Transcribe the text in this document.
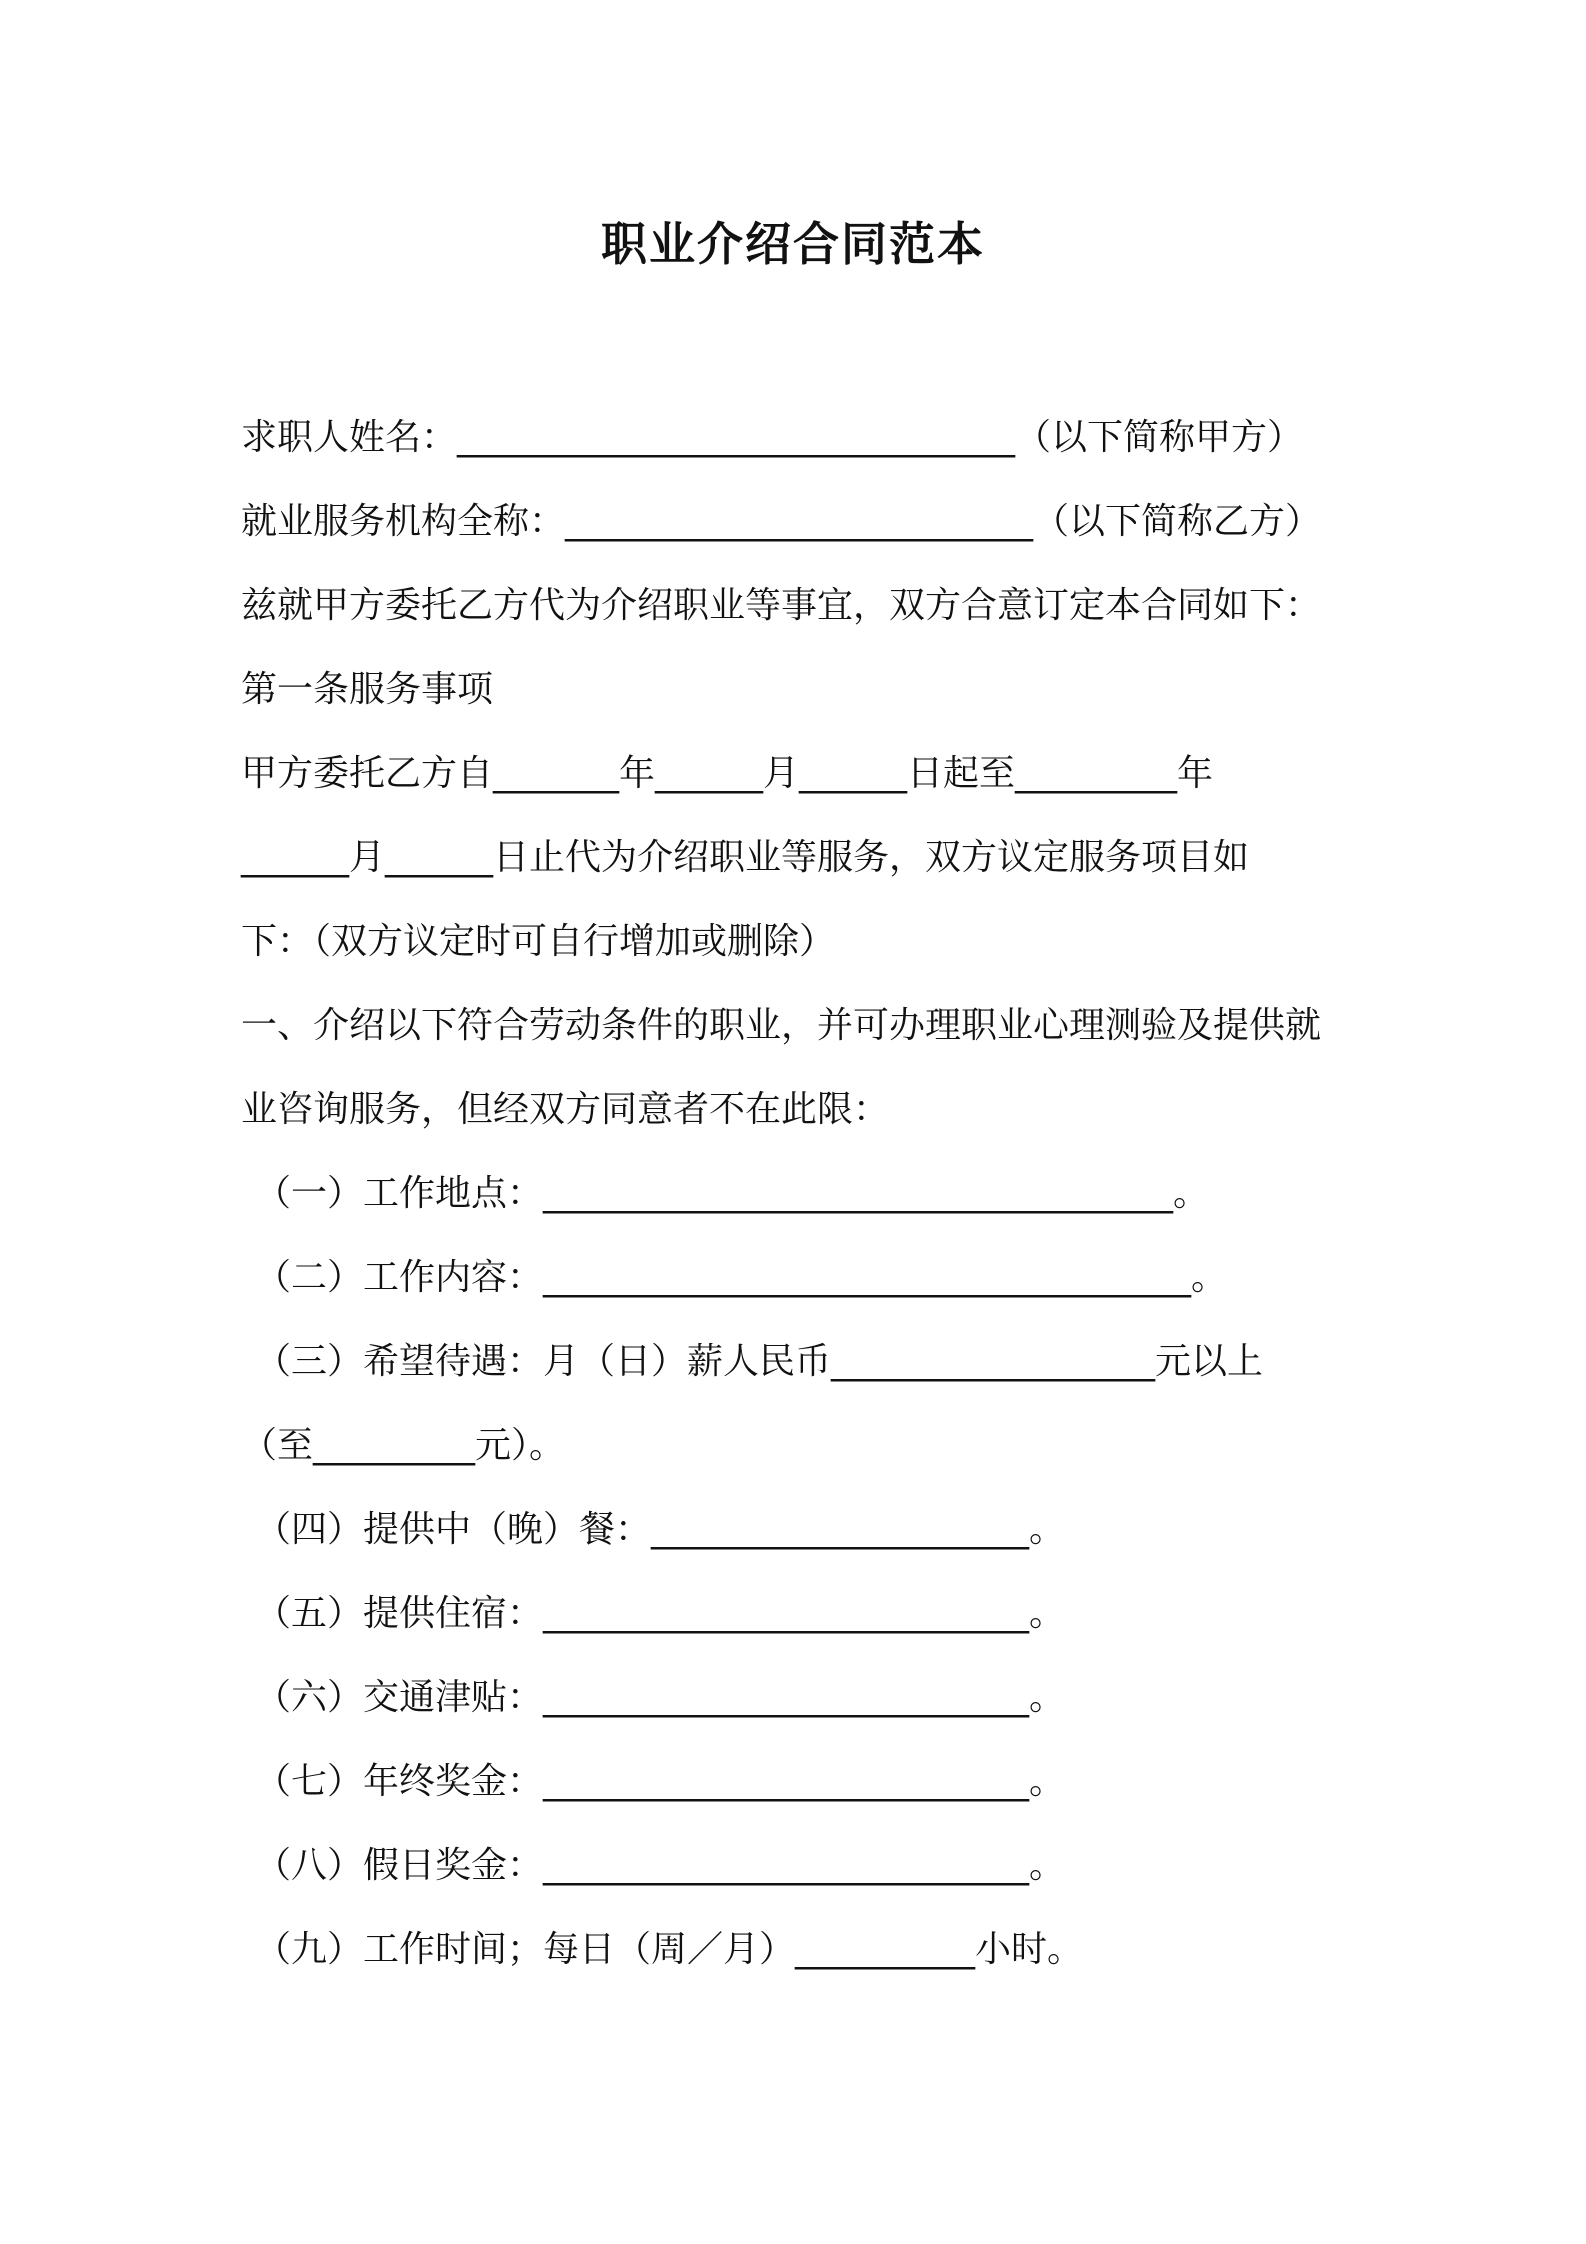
职业介绍合同范本
求职人姓名：_______________________________（以下简称甲方）
就业服务机构全称：__________________________（以下简称乙方）
兹就甲方委托乙方代为介绍职业等事宜，双方合意订定本合同如下：
第一条服务事项
甲方委托乙方自_______年______月______日起至_________年
______月______日止代为介绍职业等服务，双方议定服务项目如
下：（双方议定时可自行增加或删除）
一、介绍以下符合劳动条件的职业，并可办理职业心理测验及提供就
业咨询服务，但经双方同意者不在此限：
（一）工作地点：___________________________________。
（二）工作内容：____________________________________。
（三）希望待遇：月（日）薪人民币__________________元以上
（至_________元）。
（四）提供中（晚）餐：_____________________。
（五）提供住宿：___________________________。
（六）交通津贴：___________________________。
（七）年终奖金：___________________________。
（八）假日奖金：___________________________。
（九）工作时间；每日（周／月）__________小时。
